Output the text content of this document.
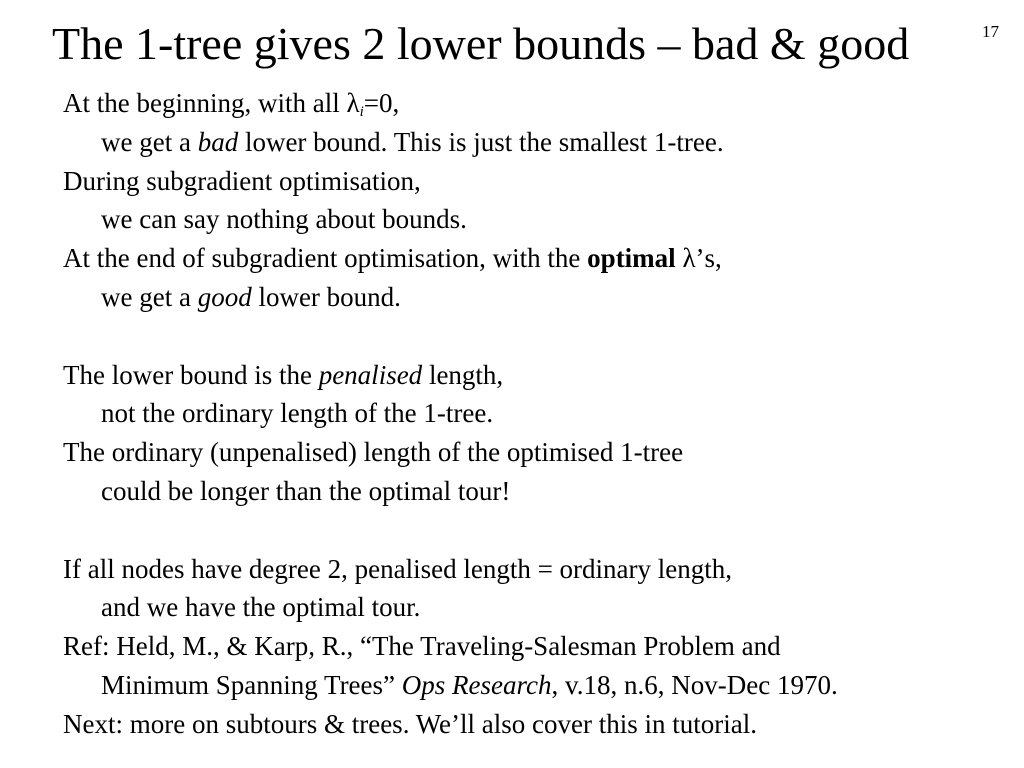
The 1-tree gives 2 lower bounds – bad & good	17
At the beginning, with all $\lambda_i=0$,
we get a bad lower bound. This is just the smallest 1-tree.
During subgradient optimisation,
we can say nothing about bounds.
At the end of subgradient optimisation, with the optimal λ’s,
we get a good lower bound.
The lower bound is the penalised length,
not the ordinary length of the 1-tree.
The ordinary (unpenalised) length of the optimised 1-tree
could be longer than the optimal tour!
If all nodes have degree 2, penalised length = ordinary length,
and we have the optimal tour.
Ref: Held, M., & Karp, R., “The Traveling-Salesman Problem and
Minimum Spanning Trees” Ops Research, v.18, n.6, Nov-Dec 1970.
Next: more on subtours & trees. We’ll also cover this in tutorial.
